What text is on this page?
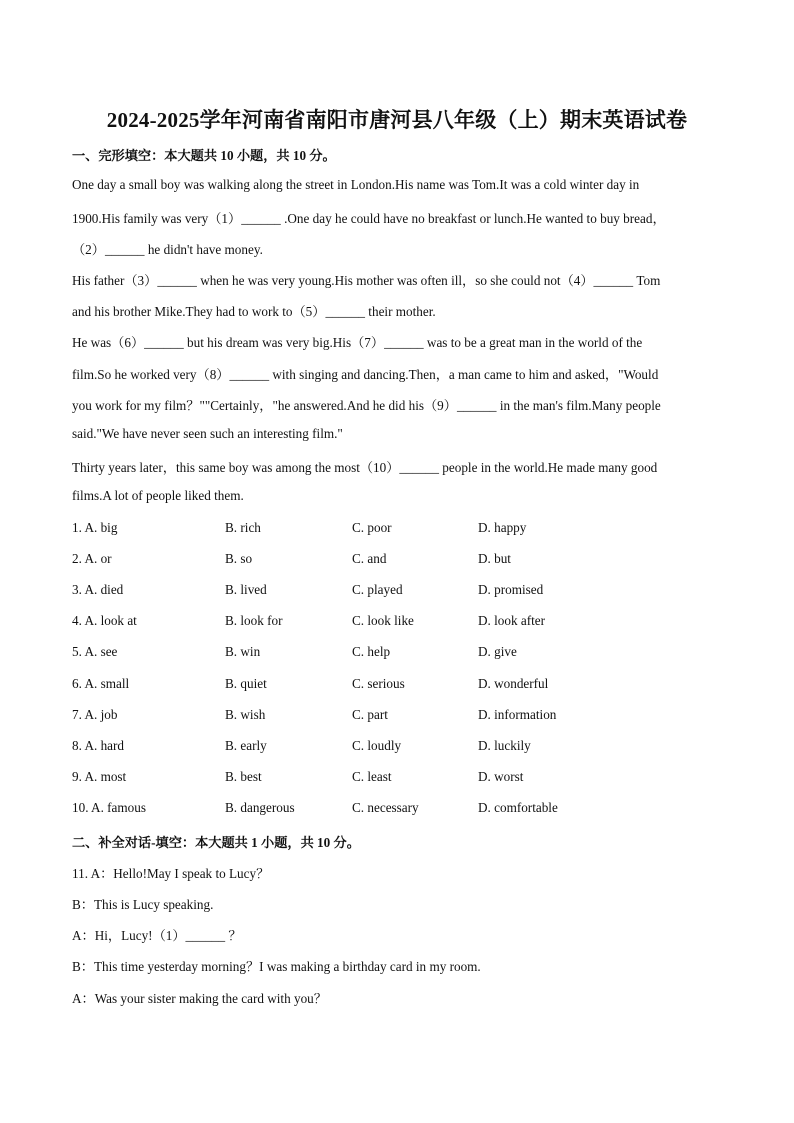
2024-2025学年河南省南阳市唐河县八年级（上）期末英语试卷
一、完形填空：本大题共 10 小题，共 10 分。
One day a small boy was walking along the street in London.His name was Tom.It was a cold winter day in
1900.His family was very（1）______ .One day he could have no breakfast or lunch.He wanted to buy bread，
（2）______ he didn't have money.
His father（3）______ when he was very young.His mother was often ill，so she could not（4）______ Tom
and his brother Mike.They had to work to（5）______ their mother.
He was（6）______ but his dream was very big.His（7）______ was to be a great man in the world of the
film.So he worked very（8）______ with singing and dancing.Then，a man came to him and asked，"Would
you work for my film？""Certainly，"he answered.And he did his（9）______ in the man's film.Many people
said."We have never seen such an interesting film."
Thirty years later，this same boy was among the most（10）______ people in the world.He made many good
films.A lot of people liked them.
1. A. big	B. rich	C. poor	D. happy
2. A. or	B. so	C. and	D. but
3. A. died	B. lived	C. played	D. promised
4. A. look at	B. look for	C. look like	D. look after
5. A. see	B. win	C. help	D. give
6. A. small	B. quiet	C. serious	D. wonderful
7. A. job	B. wish	C. part	D. information
8. A. hard	B. early	C. loudly	D. luckily
9. A. most	B. best	C. least	D. worst
10. A. famous	B. dangerous	C. necessary	D. comfortable
二、补全对话-填空：本大题共 1 小题，共 10 分。
11. A：Hello!May I speak to Lucy？
B：This is Lucy speaking.
A：Hi，Lucy!（1）______ ？
B：This time yesterday morning？I was making a birthday card in my room.
A：Was your sister making the card with you？
